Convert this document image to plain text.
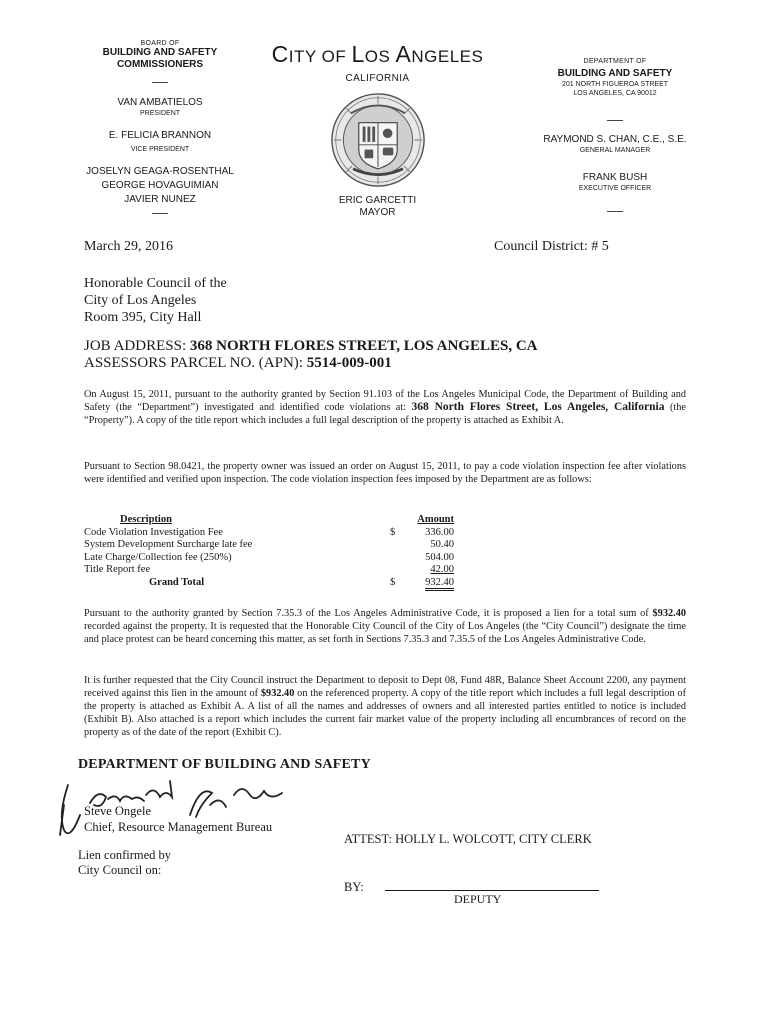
BOARD OF
BUILDING AND SAFETY
COMMISSIONERS
VAN AMBATIELOS
PRESIDENT
E. FELICIA BRANNON
VICE PRESIDENT
JOSELYN GEAGA-ROSENTHAL
GEORGE HOVAGUIMIAN
JAVIER NUNEZ
CITY OF LOS ANGELES
CALIFORNIA
ERIC GARCETTI
MAYOR
DEPARTMENT OF
BUILDING AND SAFETY
201 NORTH FIGUEROA STREET
LOS ANGELES, CA 90012
RAYMOND S. CHAN, C.E., S.E.
GENERAL MANAGER
FRANK BUSH
EXECUTIVE OFFICER
March 29, 2016	Council District: # 5
Honorable Council of the
City of Los Angeles
Room 395, City Hall
JOB ADDRESS: 368 NORTH FLORES STREET, LOS ANGELES, CA
ASSESSORS PARCEL NO. (APN): 5514-009-001
On August 15, 2011, pursuant to the authority granted by Section 91.103 of the Los Angeles Municipal Code, the Department of Building and Safety (the “Department”) investigated and identified code violations at: 368 North Flores Street, Los Angeles, California (the “Property”). A copy of the title report which includes a full legal description of the property is attached as Exhibit A.
Pursuant to Section 98.0421, the property owner was issued an order on August 15, 2011, to pay a code violation inspection fee after violations were identified and verified upon inspection. The code violation inspection fees imposed by the Department are as follows:
Description	Amount
Code Violation Investigation Fee	$	336.00
System Development Surcharge late fee	50.40
Late Charge/Collection fee (250%)	504.00
Title Report fee	42.00
Grand Total	$	932.40
Pursuant to the authority granted by Section 7.35.3 of the Los Angeles Administrative Code, it is proposed a lien for a total sum of $932.40 recorded against the property. It is requested that the Honorable City Council of the City of Los Angeles (the “City Council”) designate the time and place protest can be heard concerning this matter, as set forth in Sections 7.35.3 and 7.35.5 of the Los Angeles Administrative Code.
It is further requested that the City Council instruct the Department to deposit to Dept 08, Fund 48R, Balance Sheet Account 2200, any payment received against this lien in the amount of $932.40 on the referenced property. A copy of the title report which includes a full legal description of the property is attached as Exhibit A. A list of all the names and addresses of owners and all interested parties entitled to notice is included (Exhibit B). Also attached is a report which includes the current fair market value of the property including all encumbrances of record on the property as of the date of the report (Exhibit C).
DEPARTMENT OF BUILDING AND SAFETY
Steve Ongele
Chief, Resource Management Bureau
ATTEST: HOLLY L. WOLCOTT, CITY CLERK
Lien confirmed by
City Council on:
BY:
DEPUTY
